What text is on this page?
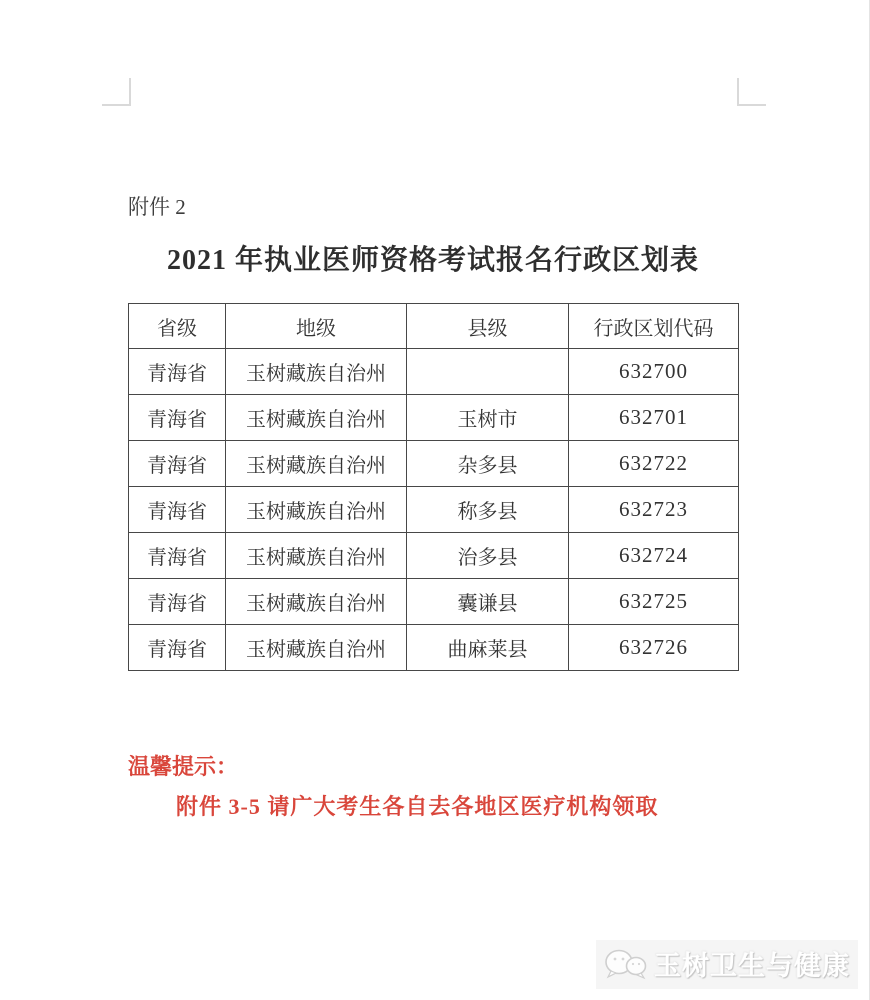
附件 2
2021 年执业医师资格考试报名行政区划表
省级	地级	县级	行政区划代码
青海省	玉树藏族自治州		632700
青海省	玉树藏族自治州	玉树市	632701
青海省	玉树藏族自治州	杂多县	632722
青海省	玉树藏族自治州	称多县	632723
青海省	玉树藏族自治州	治多县	632724
青海省	玉树藏族自治州	囊谦县	632725
青海省	玉树藏族自治州	曲麻莱县	632726
温馨提示：
附件 3-5 请广大考生各自去各地区医疗机构领取
玉树卫生与健康
